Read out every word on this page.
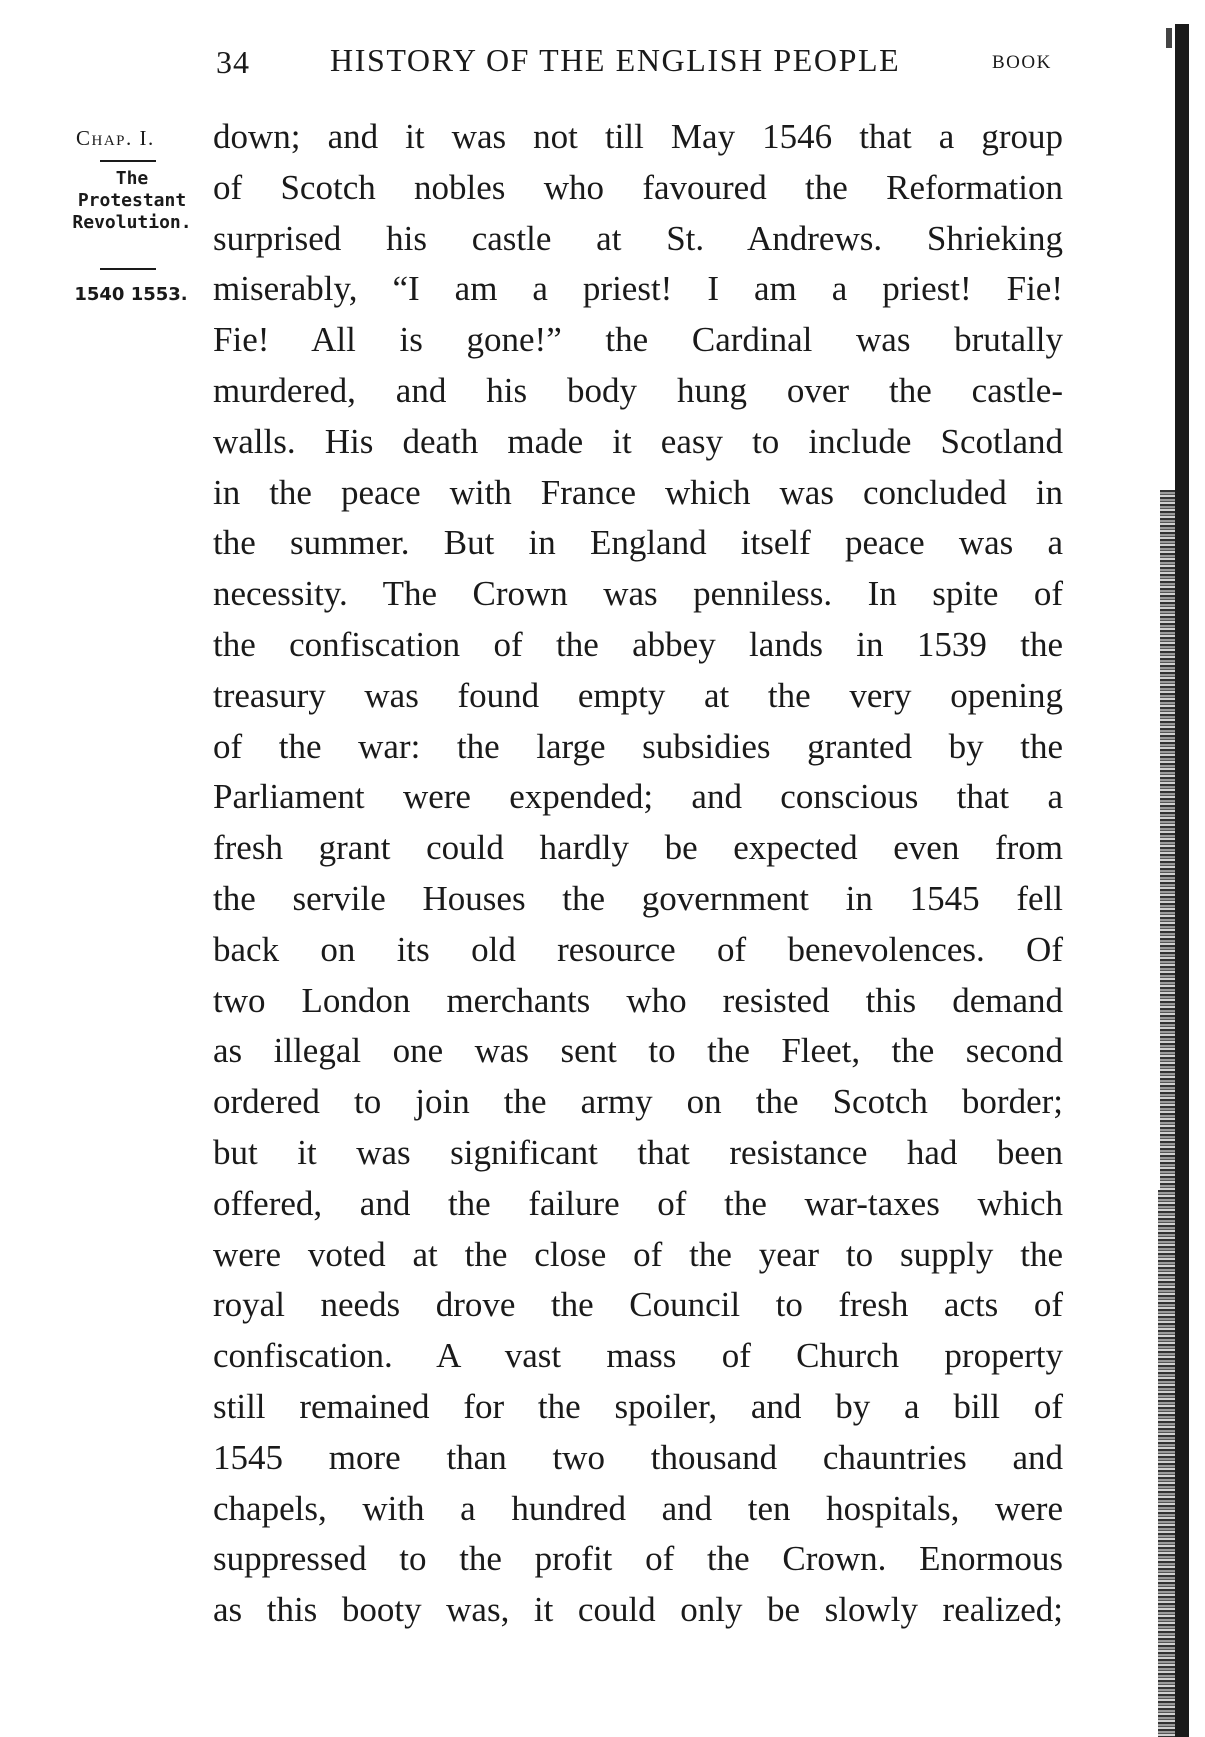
34	HISTORY OF THE ENGLISH PEOPLE	BOOK
Chap. I.
The
Protestant
Revolution.
1540 1553.
down; and it was not till May 1546 that a group
of Scotch nobles who favoured the Reformation
surprised his castle at St. Andrews. Shrieking
miserably, “I am a priest! I am a priest! Fie!
Fie! All is gone!” the Cardinal was brutally
murdered, and his body hung over the castle-
walls. His death made it easy to include Scotland
in the peace with France which was concluded in
the summer. But in England itself peace was a
necessity. The Crown was penniless. In spite of
the confiscation of the abbey lands in 1539 the
treasury was found empty at the very opening
of the war: the large subsidies granted by the
Parliament were expended; and conscious that a
fresh grant could hardly be expected even from
the servile Houses the government in 1545 fell
back on its old resource of benevolences. Of
two London merchants who resisted this demand
as illegal one was sent to the Fleet, the second
ordered to join the army on the Scotch border;
but it was significant that resistance had been
offered, and the failure of the war-taxes which
were voted at the close of the year to supply the
royal needs drove the Council to fresh acts of
confiscation. A vast mass of Church property
still remained for the spoiler, and by a bill of
1545 more than two thousand chauntries and
chapels, with a hundred and ten hospitals, were
suppressed to the profit of the Crown. Enormous
as this booty was, it could only be slowly realized;
